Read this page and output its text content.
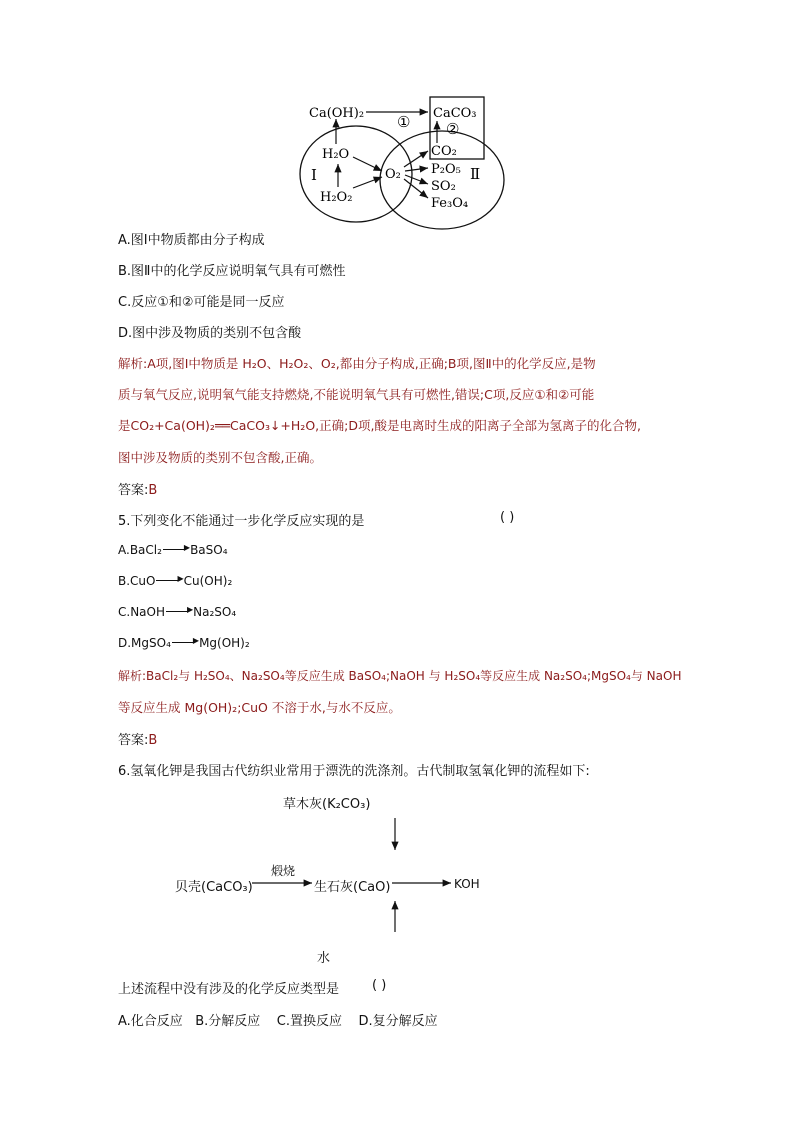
Ca(OH)₂	CaCO₃
① ②
CO₂
H₂O
Ⅰ	O₂ P₂O₅ Ⅱ
SO₂
H₂O₂	Fe₃O₄
A.图Ⅰ中物质都由分子构成
B.图Ⅱ中的化学反应说明氧气具有可燃性
C.反应①和②可能是同一反应
D.图中涉及物质的类别不包含酸
解析:A项,图Ⅰ中物质是 H₂O、H₂O₂、O₂,都由分子构成,正确;B项,图Ⅱ中的化学反应,是物
质与氧气反应,说明氧气能支持燃烧,不能说明氧气具有可燃性,错误;C项,反应①和②可能
是CO₂+Ca(OH)₂══CaCO₃↓+H₂O,正确;D项,酸是电离时生成的阳离子全部为氢离子的化合物,
图中涉及物质的类别不包含酸,正确。
答案:B
5.下列变化不能通过一步化学反应实现的是	( )
A.BaCl₂	▶BaSO₄
B.CuO	▶Cu(OH)₂
C.NaOH	▶Na₂SO₄
D.MgSO₄	▶Mg(OH)₂
解析:BaCl₂与 H₂SO₄、Na₂SO₄等反应生成 BaSO₄;NaOH 与 H₂SO₄等反应生成 Na₂SO₄;MgSO₄与 NaOH
等反应生成 Mg(OH)₂;CuO 不溶于水,与水不反应。
答案:B
6.氢氧化钾是我国古代纺织业常用于漂洗的洗涤剂。古代制取氢氧化钾的流程如下:
草木灰(K₂CO₃)
贝壳(CaCO₃)
煅烧
生石灰(CaO)	KOH
水
上述流程中没有涉及的化学反应类型是	( )
A.化合反应   B.分解反应    C.置换反应    D.复分解反应
